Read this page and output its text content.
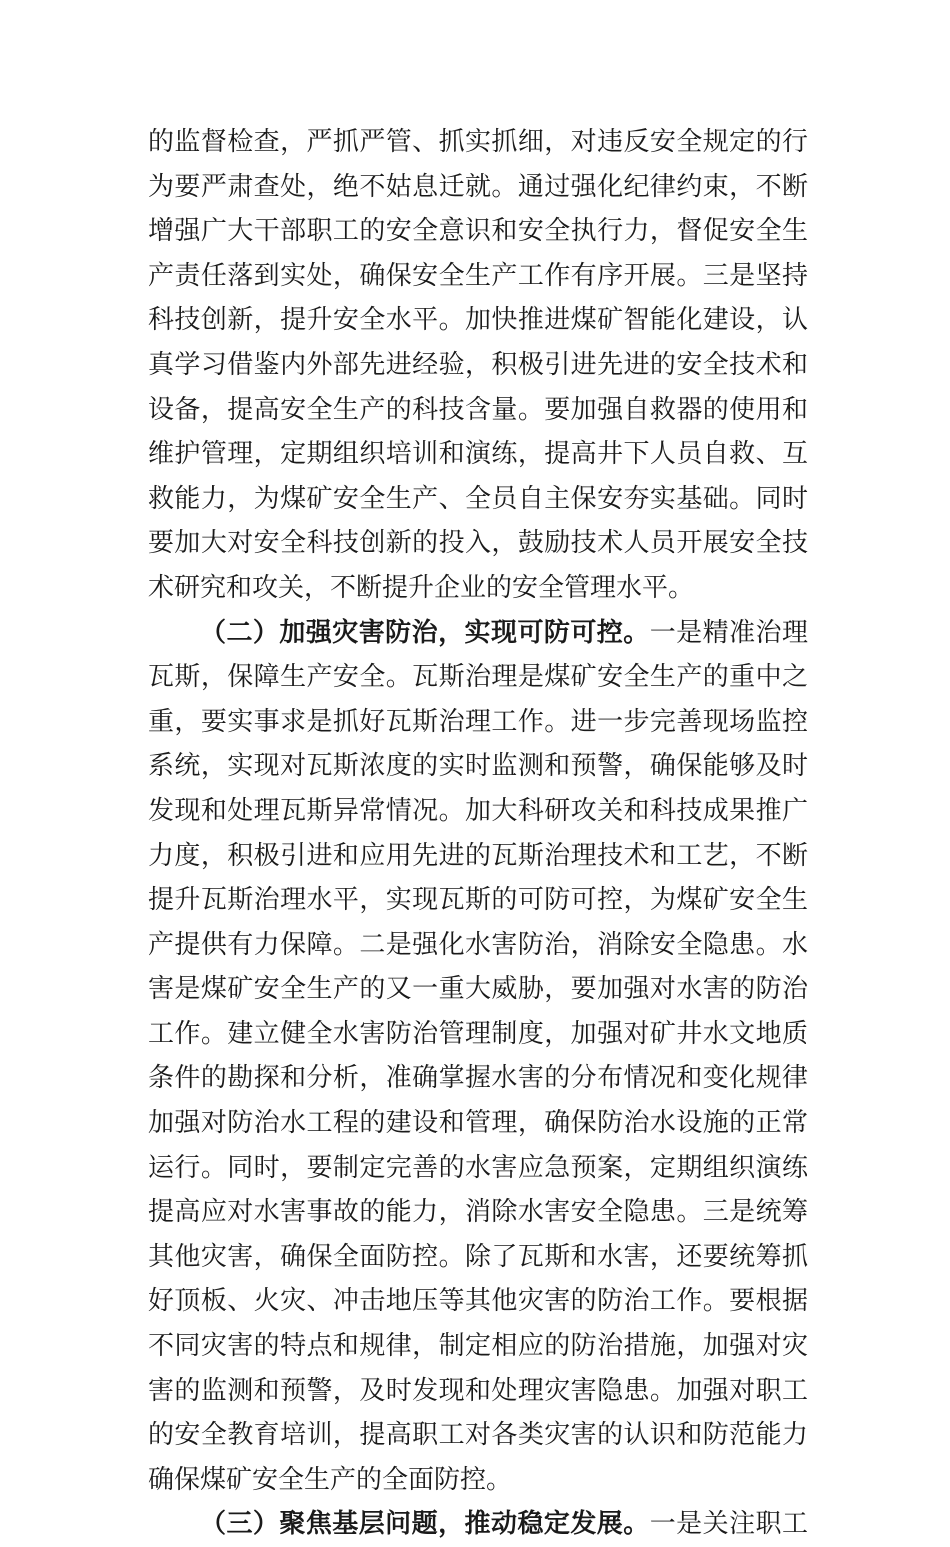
的监督检查，严抓严管、抓实抓细，对违反安全规定的行
为要严肃查处，绝不姑息迁就。通过强化纪律约束，不断
增强广大干部职工的安全意识和安全执行力，督促安全生
产责任落到实处，确保安全生产工作有序开展。三是坚持
科技创新，提升安全水平。加快推进煤矿智能化建设，认
真学习借鉴内外部先进经验，积极引进先进的安全技术和
设备，提高安全生产的科技含量。要加强自救器的使用和
维护管理，定期组织培训和演练，提高井下人员自救、互
救能力，为煤矿安全生产、全员自主保安夯实基础。同时
要加大对安全科技创新的投入，鼓励技术人员开展安全技
术研究和攻关，不断提升企业的安全管理水平。
（二）加强灾害防治，实现可防可控。一是精准治理
瓦斯，保障生产安全。瓦斯治理是煤矿安全生产的重中之
重，要实事求是抓好瓦斯治理工作。进一步完善现场监控
系统，实现对瓦斯浓度的实时监测和预警，确保能够及时
发现和处理瓦斯异常情况。加大科研攻关和科技成果推广
力度，积极引进和应用先进的瓦斯治理技术和工艺，不断
提升瓦斯治理水平，实现瓦斯的可防可控，为煤矿安全生
产提供有力保障。二是强化水害防治，消除安全隐患。水
害是煤矿安全生产的又一重大威胁，要加强对水害的防治
工作。建立健全水害防治管理制度，加强对矿井水文地质
条件的勘探和分析，准确掌握水害的分布情况和变化规律
加强对防治水工程的建设和管理，确保防治水设施的正常
运行。同时，要制定完善的水害应急预案，定期组织演练
提高应对水害事故的能力，消除水害安全隐患。三是统筹
其他灾害，确保全面防控。除了瓦斯和水害，还要统筹抓
好顶板、火灾、冲击地压等其他灾害的防治工作。要根据
不同灾害的特点和规律，制定相应的防治措施，加强对灾
害的监测和预警，及时发现和处理灾害隐患。加强对职工
的安全教育培训，提高职工对各类灾害的认识和防范能力
确保煤矿安全生产的全面防控。
（三）聚焦基层问题，推动稳定发展。一是关注职工
